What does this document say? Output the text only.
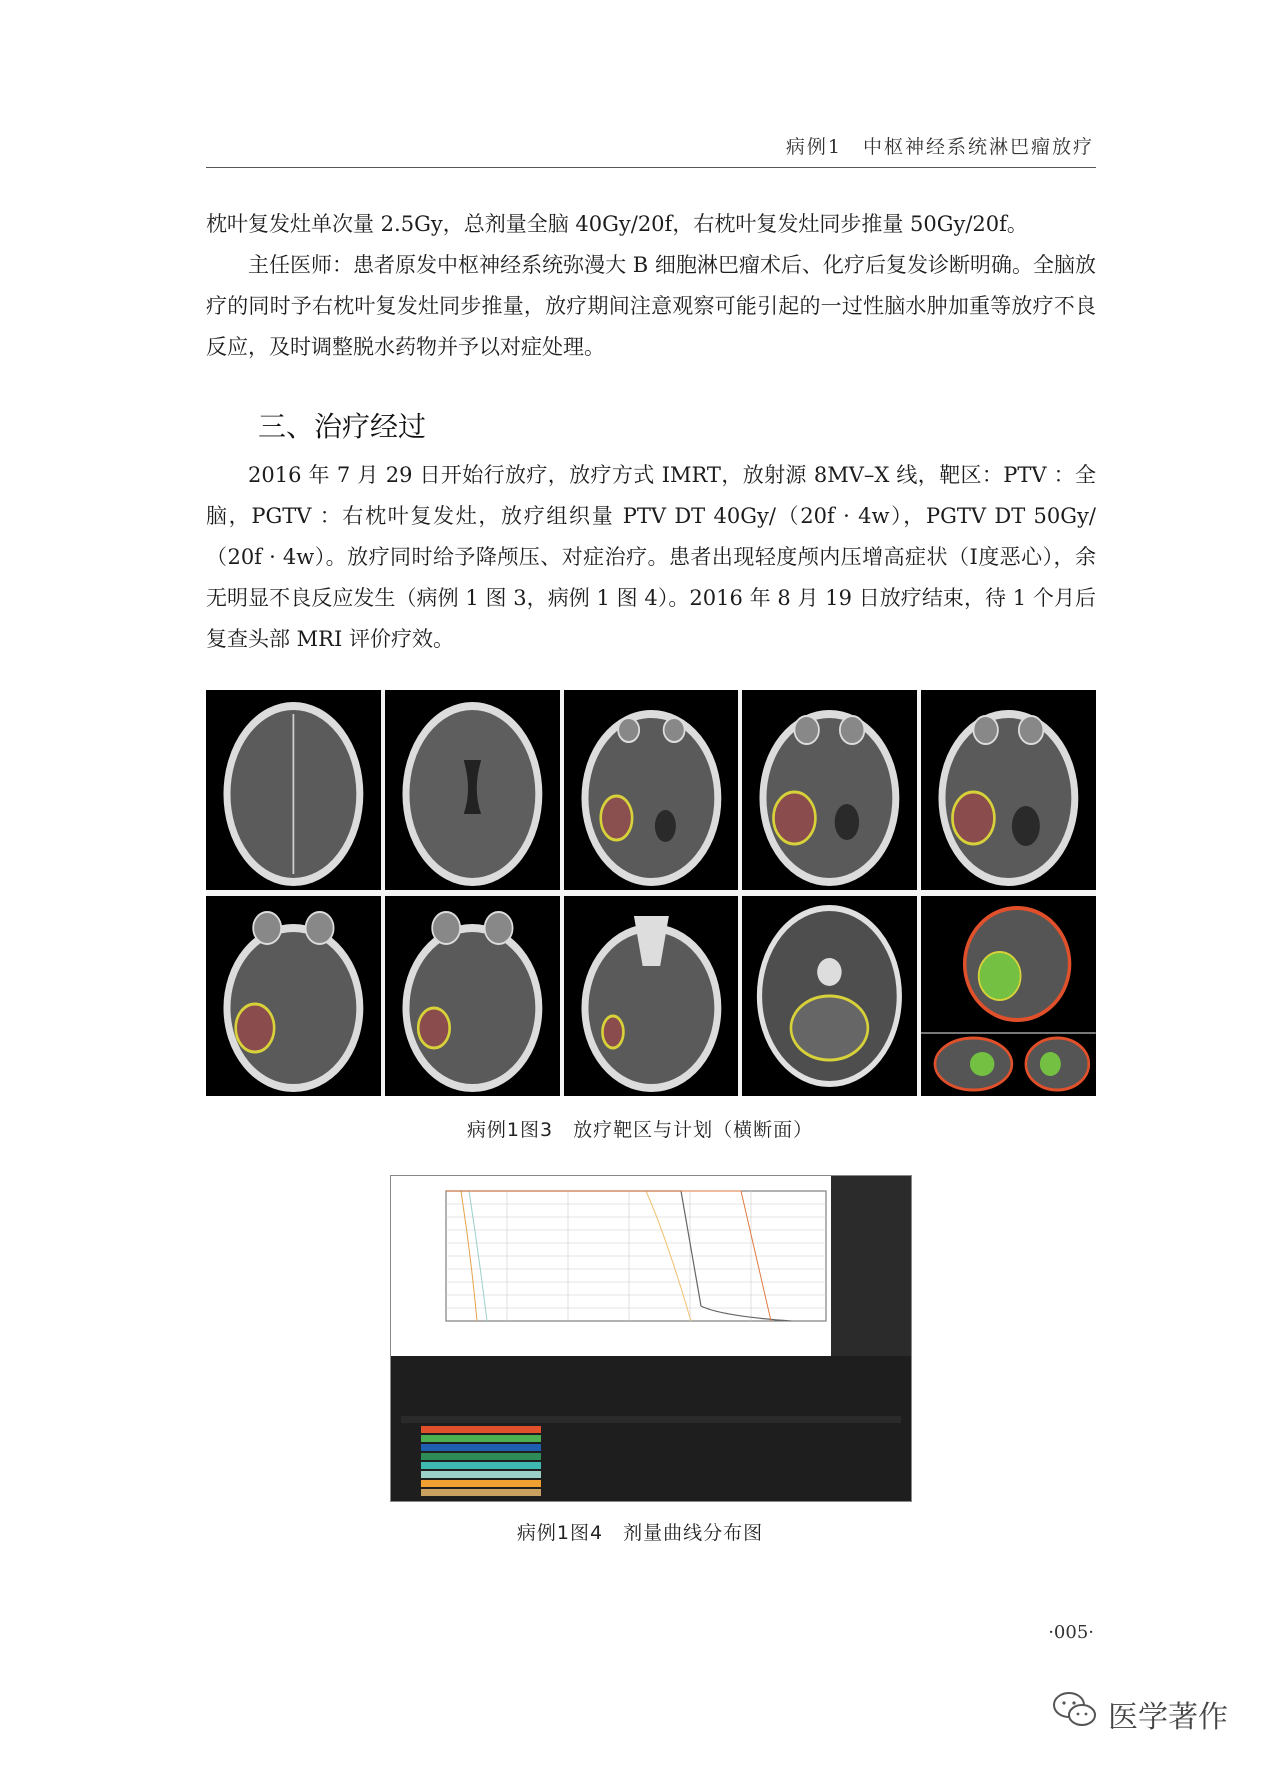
病例1　中枢神经系统淋巴瘤放疗

枕叶复发灶单次量 2.5Gy，总剂量全脑 40Gy/20f，右枕叶复发灶同步推量 50Gy/20f。

主任医师：患者原发中枢神经系统弥漫大 B 细胞淋巴瘤术后、化疗后复发诊断明确。全脑放疗的同时予右枕叶复发灶同步推量，放疗期间注意观察可能引起的一过性脑水肿加重等放疗不良反应，及时调整脱水药物并予以对症处理。

三、治疗经过

2016 年 7 月 29 日开始行放疗，放疗方式 IMRT，放射源 8MV–X 线，靶区：PTV ：全脑，PGTV ：右枕叶复发灶，放疗组织量 PTV DT 40Gy/（20f · 4w），PGTV DT 50Gy/（20f · 4w）。放疗同时给予降颅压、对症治疗。患者出现轻度颅内压增高症状（Ⅰ度恶心），余无明显不良反应发生（病例 1 图 3，病例 1 图 4）。2016 年 8 月 19 日放疗结束，待 1 个月后复查头部 MRI 评价疗效。

病例1图3　放疗靶区与计划（横断面）
病例1图4　剂量曲线分布图
·005·
医学著作
